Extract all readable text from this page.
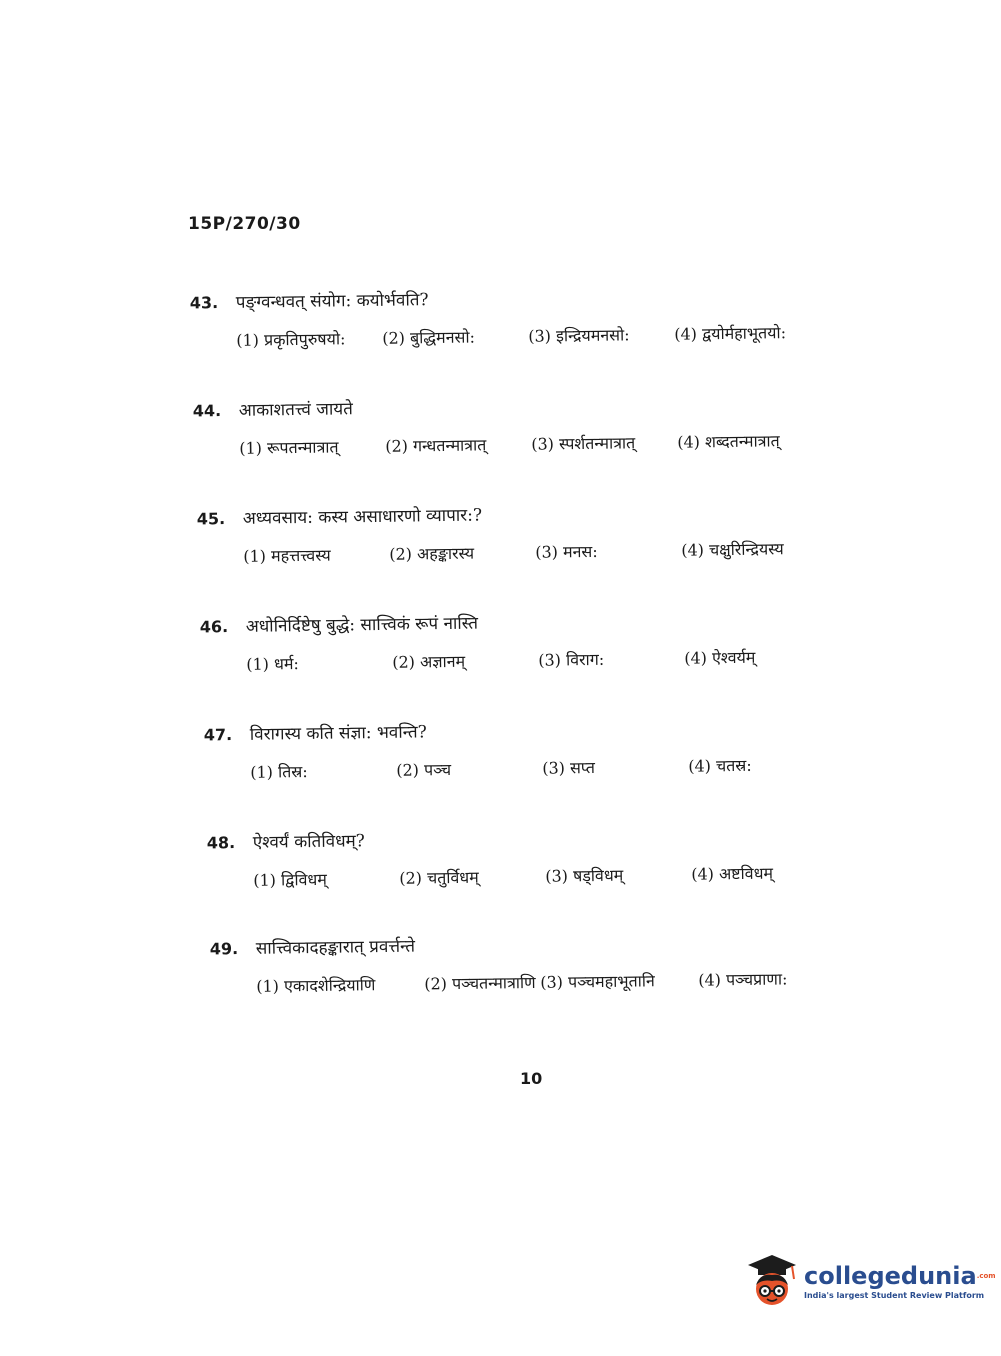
15P/270/30
43.	पङ्ग्वन्धवत् संयोग: कयोर्भवति?
(1) प्रकृतिपुरुषयो:	(2) बुद्धिमनसो:	(3) इन्द्रियमनसो:	(4) द्वयोर्महाभूतयो:
44.	आकाशतत्त्वं जायते
(1) रूपतन्मात्रात्	(2) गन्धतन्मात्रात्	(3) स्पर्शतन्मात्रात्	(4) शब्दतन्मात्रात्
45.	अध्यवसाय: कस्य असाधारणो व्यापार:?
(1) महत्तत्त्वस्य	(2) अहङ्कारस्य	(3) मनस:	(4) चक्षुरिन्द्रियस्य
46.	अधोनिर्दिष्टेषु बुद्धे: सात्त्विकं रूपं नास्ति
(1) धर्म:	(2) अज्ञानम्	(3) विराग:	(4) ऐश्वर्यम्
47.	विरागस्य कति संज्ञा: भवन्ति?
(1) तिस्र:	(2) पञ्च	(3) सप्त	(4) चतस्र:
48.	ऐश्वर्यं कतिविधम्?
(1) द्विविधम्	(2) चतुर्विधम्	(3) षड्विधम्	(4) अष्टविधम्
49.	सात्त्विकादहङ्कारात् प्रवर्त्तन्ते
(1) एकादशेन्द्रियाणि	(2) पञ्चतन्मात्राणि (3) पञ्चमहाभूतानि	(4) पञ्चप्राणा:
10
collegedunia$^{.com}$
India's largest Student Review Platform
